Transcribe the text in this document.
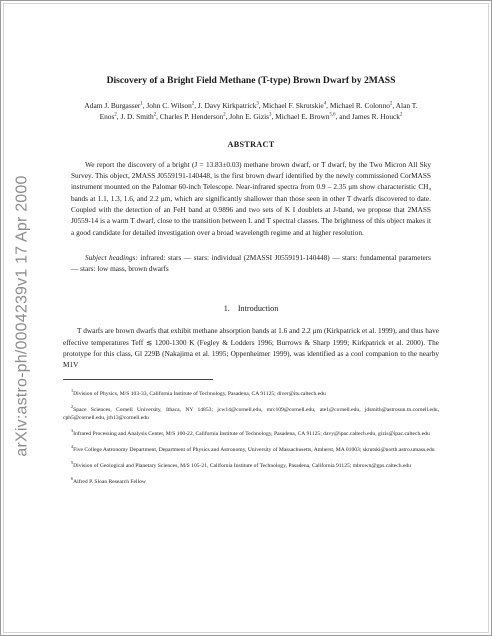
arXiv:astro-ph/0004239v1 17 Apr 2000
Discovery of a Bright Field Methane (T-type) Brown Dwarf by 2MASS
Adam J. Burgasser$^1$, John C. Wilson$^2$, J. Davy Kirkpatrick$^3$, Michael F. Skrutskie$^4$, Michael R. Colonno$^2$, Alan T. Enos$^2$, J. D. Smith$^2$, Charles P. Henderson$^2$, John E. Gizis$^3$, Michael E. Brown$^{5,6}$, and James R. Houck$^2$
ABSTRACT

We report the discovery of a bright (J = 13.83±0.03) methane brown dwarf, or T dwarf, by the Two Micron All Sky Survey. This object, 2MASS J0559191-140448, is the first brown dwarf identified by the newly commissioned CorMASS instrument mounted on the Palomar 60-inch Telescope. Near-infrared spectra from 0.9 – 2.35 μm show characteristic CH₄ bands at 1.1, 1.3, 1.6, and 2.2 μm, which are significantly shallower than those seen in other T dwarfs discovered to date. Coupled with the detection of an FeH band at 0.9896 and two sets of K I doublets at J-band, we propose that 2MASS J0559-14 is a warm T dwarf, close to the transition between L and T spectral classes. The brightness of this object makes it a good candidate for detailed investigation over a broad wavelength regime and at higher resolution.

Subject headings: infrared: stars — stars: individual (2MASSI J0559191-140448) — stars: fundamental parameters — stars: low mass, brown dwarfs

1. Introduction

T dwarfs are brown dwarfs that exhibit methane absorption bands at 1.6 and 2.2 μm (Kirkpatrick et al. 1999), and thus have effective temperatures Teff ≲ 1200-1300 K (Fegley & Lodders 1996; Burrows & Sharp 1999; Kirkpatrick et al. 2000). The prototype for this class, Gl 229B (Nakajima et al. 1995; Oppenheimer 1999), was identified as a cool companion to the nearby M1V

$^1$Division of Physics, M/S 103-33, California Institute of Technology, Pasadena, CA 91125; diver@its.caltech.edu

$^2$Space Sciences, Cornell University, Ithaca, NY 14853; jcw14@cornell.edu, mrc109@cornell.edu, ate1@cornell.edu, jdsmith@astrosun.tn.cornell.edu, cph5@cornell.edu, jrh13@cornell.edu

$^3$Infrared Processing and Analysis Center, M/S 100-22, California Institute of Technology, Pasadena, CA 91125; davy@ipac.caltech.edu, gizis@ipac.caltech.edu

$^4$Five College Astronomy Department, Department of Physics and Astronomy, University of Massachusetts, Amherst, MA 01003; skrutski@north.astro.umass.edu

$^5$Division of Geological and Planetary Sciences, M/S 105-21, California Institute of Technology, Pasadena, California 91125; mbrown@gps.caltech.edu

$^6$Alfred P. Sloan Research Fellow
